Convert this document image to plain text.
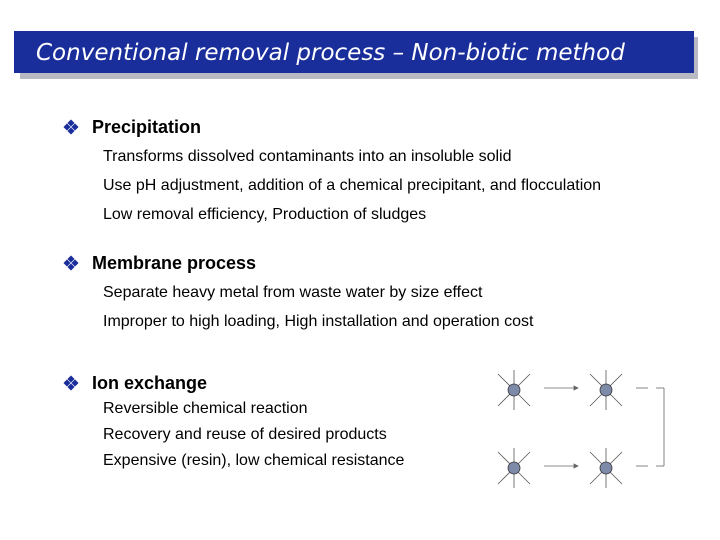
Conventional removal process – Non-biotic method
Precipitation
Transforms dissolved contaminants into an insoluble solid
Use pH adjustment, addition of a chemical precipitant, and flocculation
Low removal efficiency, Production of sludges
Membrane process
Separate heavy metal from waste water by size effect
Improper to high loading, High installation and operation cost
Ion exchange
Reversible chemical reaction
Recovery and reuse of desired products
Expensive (resin), low chemical resistance
